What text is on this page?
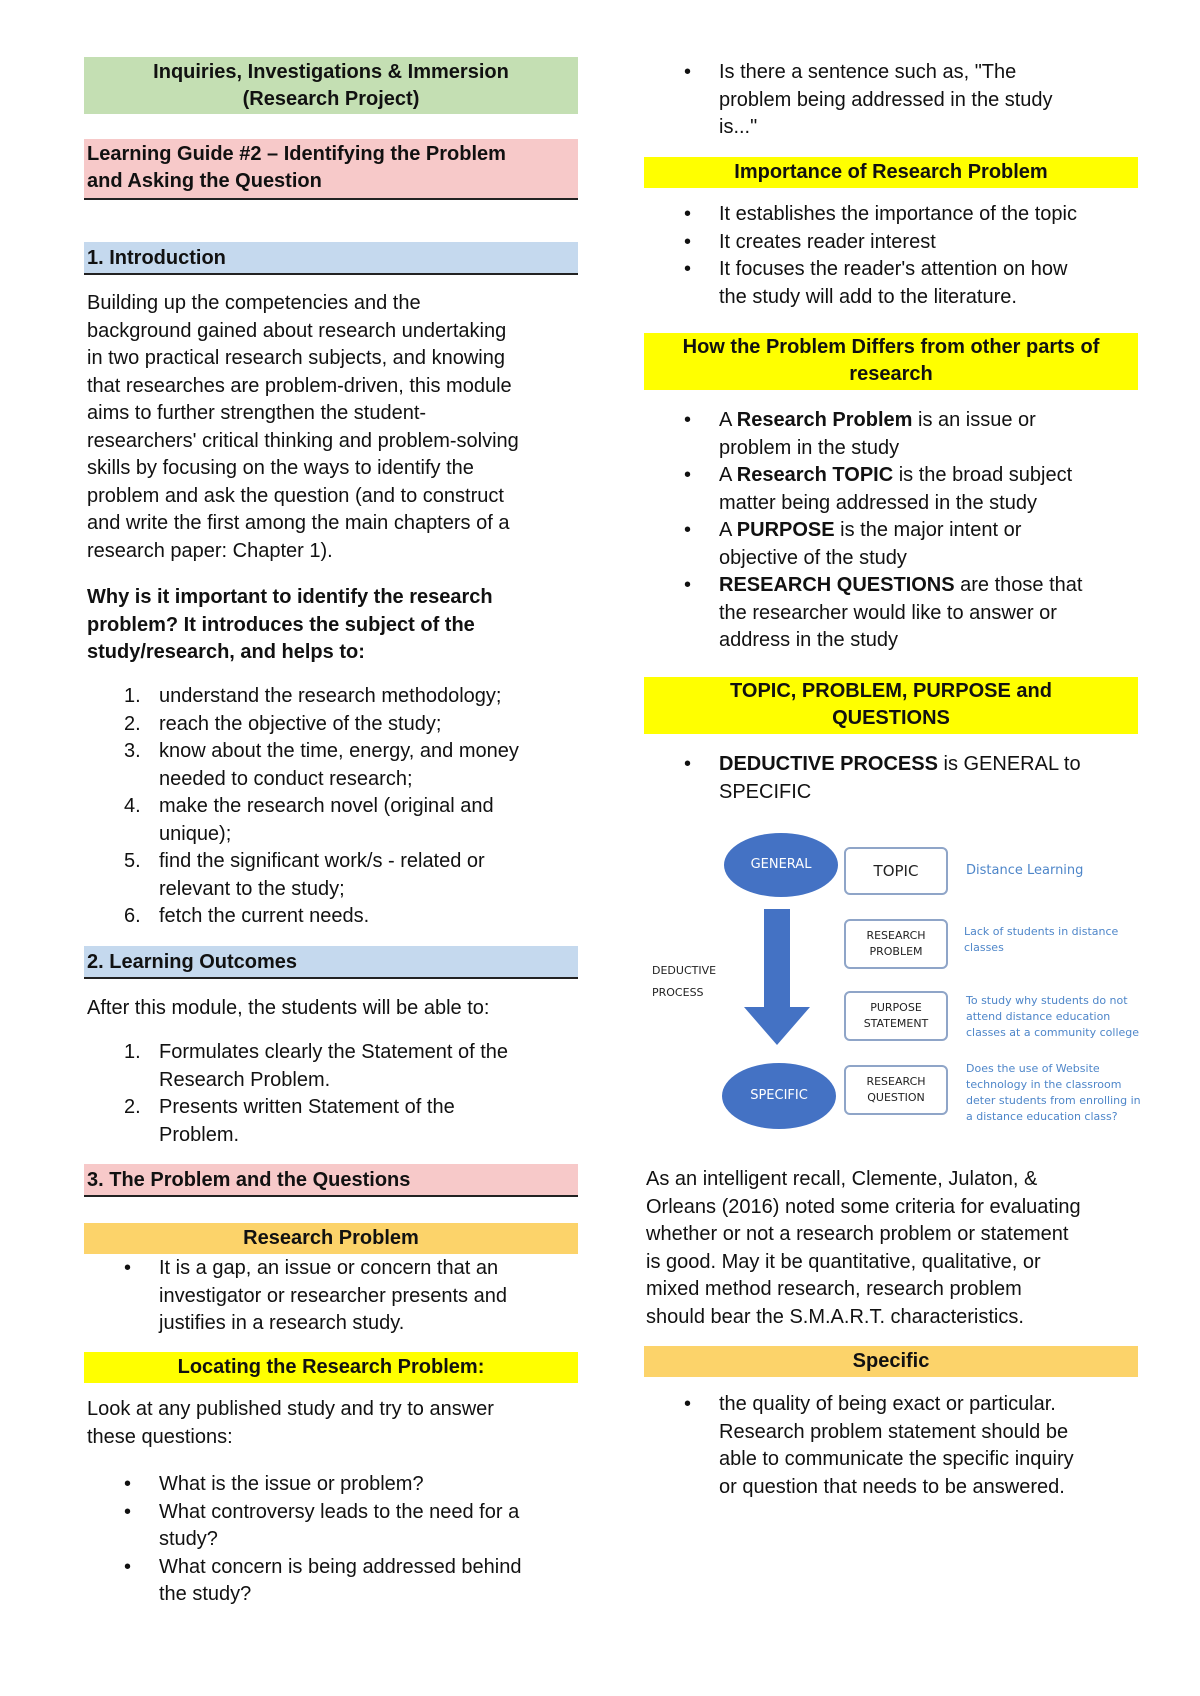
Inquiries, Investigations & Immersion
(Research Project)
Learning Guide #2 – Identifying the Problem
and Asking the Question
1. Introduction
Building up the competencies and the
background gained about research undertaking
in two practical research subjects, and knowing
that researches are problem-driven, this module
aims to further strengthen the student-
researchers' critical thinking and problem-solving
skills by focusing on the ways to identify the
problem and ask the question (and to construct
and write the first among the main chapters of a
research paper: Chapter 1).
Why is it important to identify the research
problem? It introduces the subject of the
study/research, and helps to:
1. understand the research methodology;
2. reach the objective of the study;
3. know about the time, energy, and money
needed to conduct research;
4. make the research novel (original and
unique);
5. find the significant work/s - related or
relevant to the study;
6. fetch the current needs.
2. Learning Outcomes
After this module, the students will be able to:
1. Formulates clearly the Statement of the
Research Problem.
2. Presents written Statement of the
Problem.
3. The Problem and the Questions
Research Problem
• It is a gap, an issue or concern that an
investigator or researcher presents and
justifies in a research study.
Locating the Research Problem:
Look at any published study and try to answer
these questions:
• What is the issue or problem?
• What controversy leads to the need for a
study?
• What concern is being addressed behind
the study?
• Is there a sentence such as, "The
problem being addressed in the study
is..."
Importance of Research Problem
• It establishes the importance of the topic
• It creates reader interest
• It focuses the reader's attention on how
the study will add to the literature.
How the Problem Differs from other parts of
research
• A Research Problem is an issue or
problem in the study
• A Research TOPIC is the broad subject
matter being addressed in the study
• A PURPOSE is the major intent or
objective of the study
• RESEARCH QUESTIONS are those that
the researcher would like to answer or
address in the study
TOPIC, PROBLEM, PURPOSE and
QUESTIONS
• DEDUCTIVE PROCESS is GENERAL to
SPECIFIC
GENERAL
SPECIFIC
DEDUCTIVE
PROCESS
TOPIC
RESEARCH
PROBLEM
PURPOSE
STATEMENT
RESEARCH
QUESTION
Distance Learning
Lack of students in distance
classes
To study why students do not
attend distance education
classes at a community college
Does the use of Website
technology in the classroom
deter students from enrolling in
a distance education class?
As an intelligent recall, Clemente, Julaton, &
Orleans (2016) noted some criteria for evaluating
whether or not a research problem or statement
is good. May it be quantitative, qualitative, or
mixed method research, research problem
should bear the S.M.A.R.T. characteristics.
Specific
• the quality of being exact or particular.
Research problem statement should be
able to communicate the specific inquiry
or question that needs to be answered.
